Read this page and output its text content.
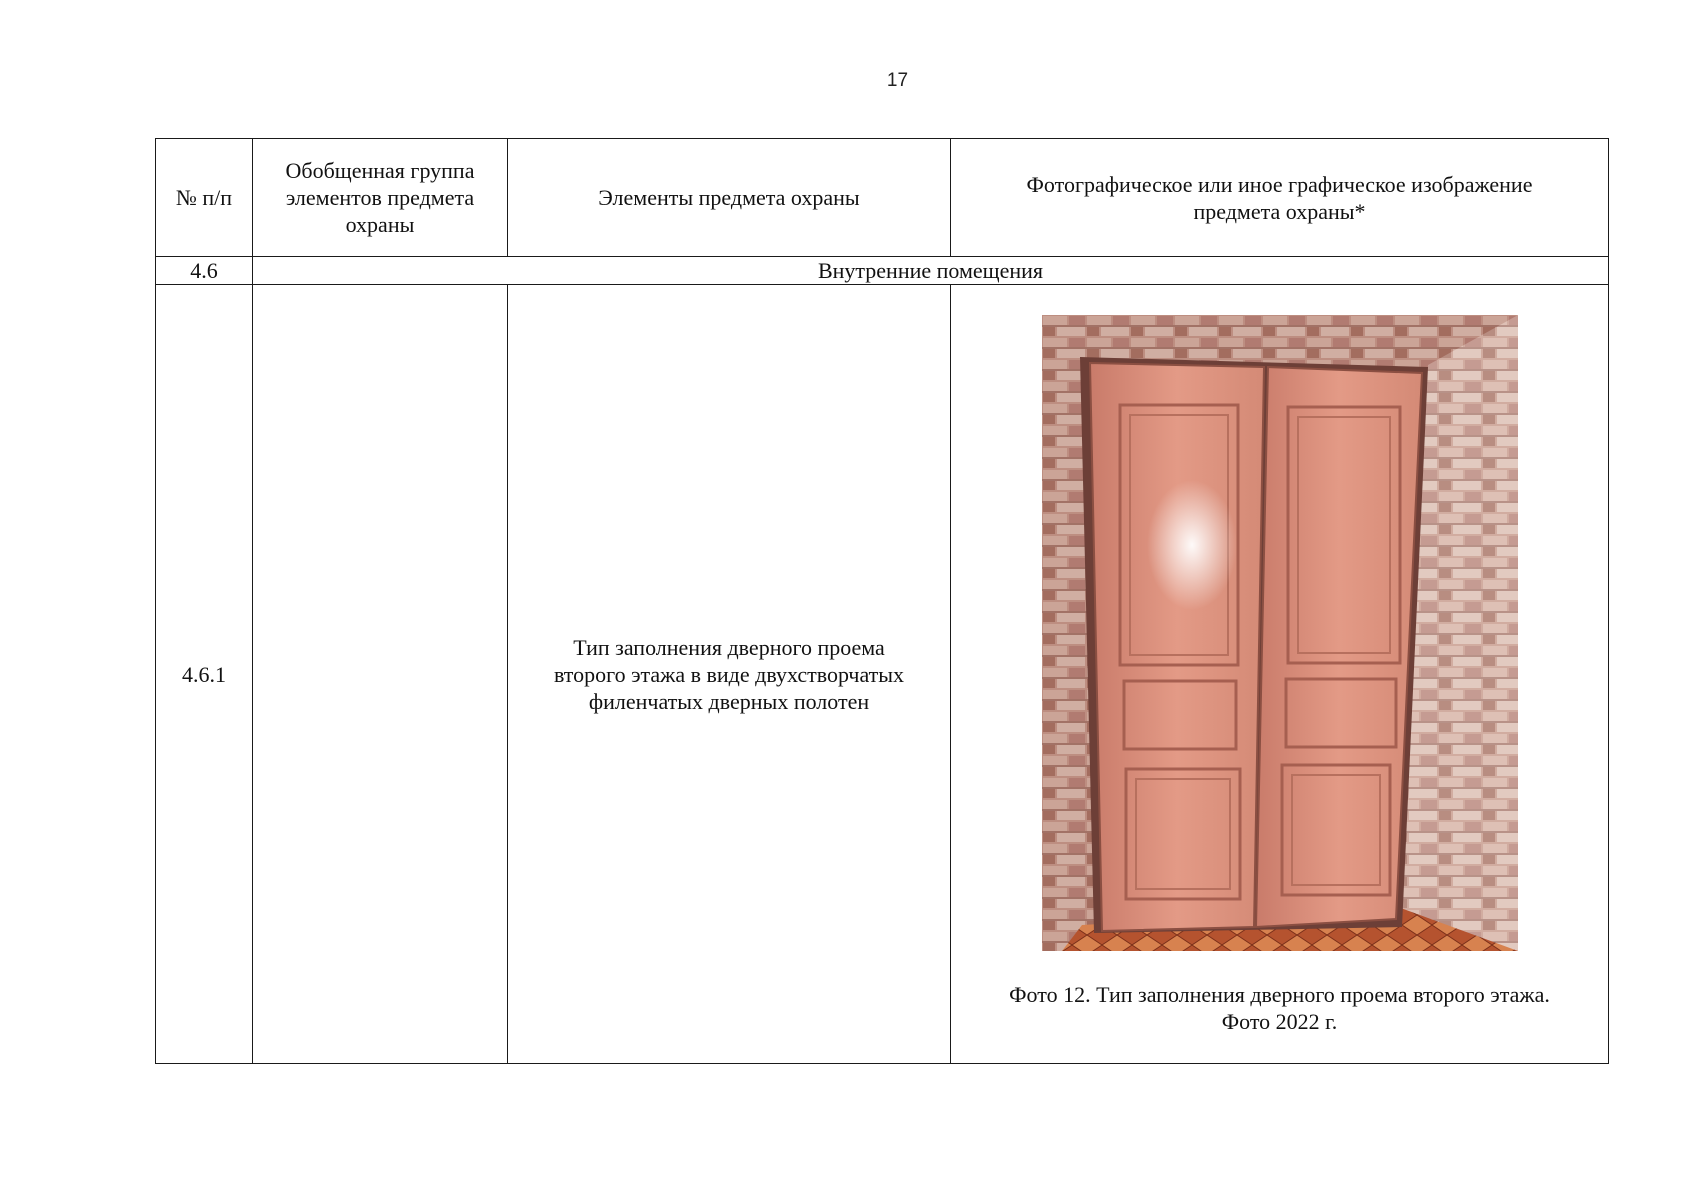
17
№ п/п	Обобщенная группа элементов предмета охраны	Элементы предмета охраны	Фотографическое или иное графическое изображение предмета охраны*
4.6	Внутренние помещения		
4.6.1		Тип заполнения дверного проема второго этажа в виде двухстворчатых филенчатых дверных полотен	Фото 12. Тип заполнения дверного проема второго этажа.
Фото 2022 г.
